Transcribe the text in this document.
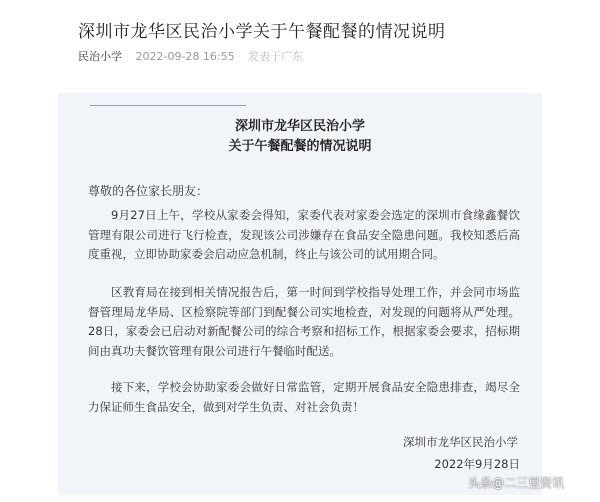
深圳市龙华区民治小学关于午餐配餐的情况说明
民治小学 2022-09-28 16:55 发表于广东
深圳市龙华区民治小学
关于午餐配餐的情况说明
尊敬的各位家长朋友：

9月27日上午，学校从家委会得知，家委代表对家委会选定的深圳市食缘鑫餐饮管理有限公司进行飞行检查，发现该公司涉嫌存在食品安全隐患问题。我校知悉后高度重视，立即协助家委会启动应急机制，终止与该公司的试用期合同。

区教育局在接到相关情况报告后，第一时间到学校指导处理工作，并会同市场监督管理局龙华局、区检察院等部门到配餐公司实地检查，对发现的问题将从严处理。28日，家委会已启动对新配餐公司的综合考察和招标工作，根据家委会要求，招标期间由真功夫餐饮管理有限公司进行午餐临时配送。

接下来，学校会协助家委会做好日常监管，定期开展食品安全隐患排查，竭尽全力保证师生食品安全，做到对学生负责、对社会负责！

深圳市龙华区民治小学
2022年9月28日
头条@二三里资讯
